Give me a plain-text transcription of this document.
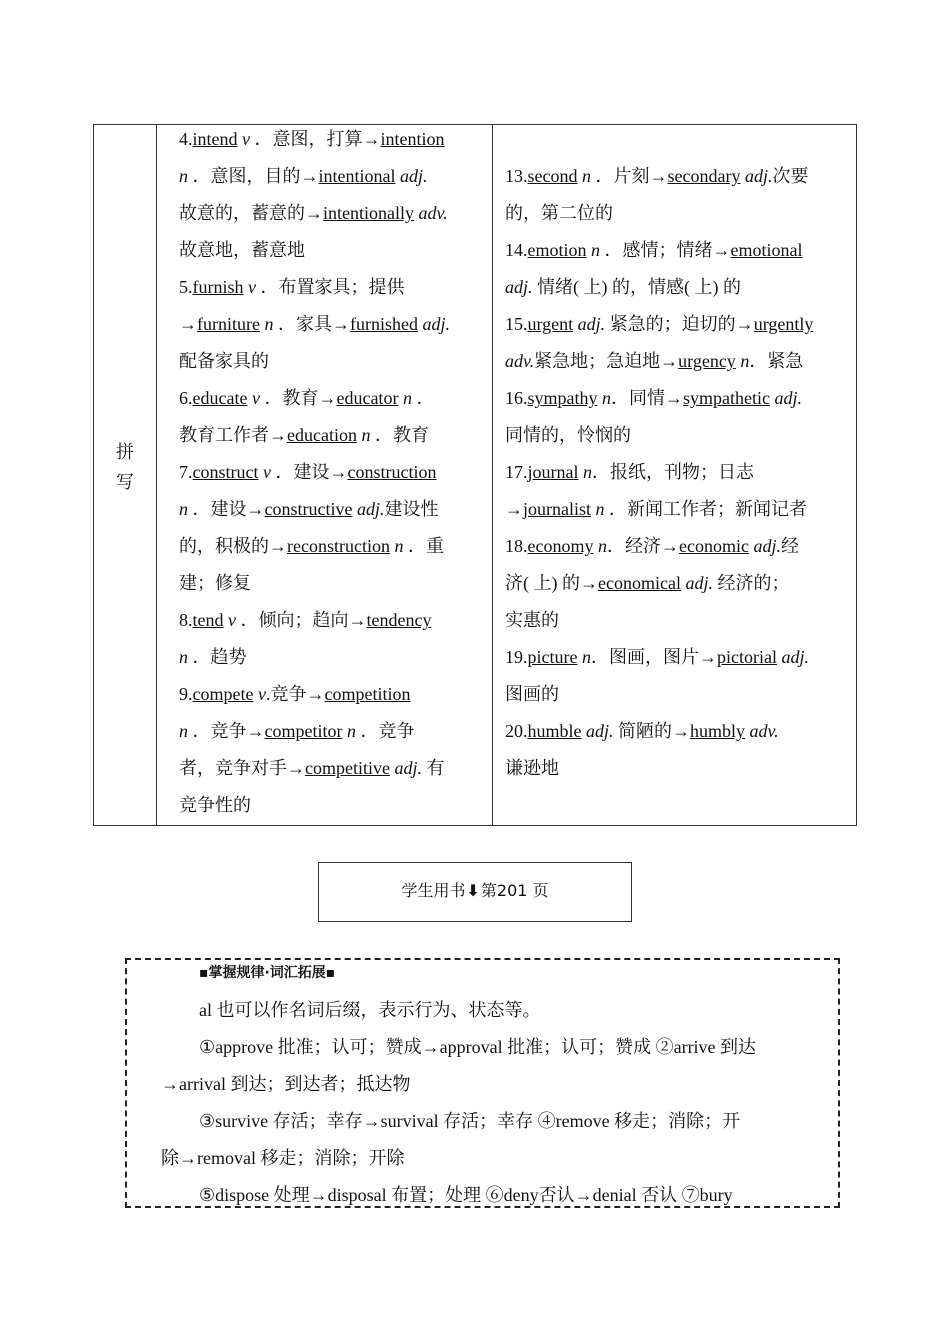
拼
写
4.intend v ．意图，打算→intention
n ．意图，目的→intentional adj.
故意的，蓄意的→intentionally adv.
故意地，蓄意地
5.furnish v ．布置家具；提供
→furniture n ．家具→furnished adj.
配备家具的
6.educate v ．教育→educator n ．
教育工作者→education n ．教育
7.construct v ．建设→construction
n ．建设→constructive adj.建设性
的，积极的→reconstruction n ．重
建；修复
8.tend v ．倾向；趋向→tendency
n ．趋势
9.compete v.竞争→competition
n ．竞争→competitor n ．竞争
者，竞争对手→competitive adj. 有
竞争性的
13.second n ．片刻→secondary adj.次要
的，第二位的
14.emotion n ．感情；情绪→emotional
adj. 情绪( 上) 的，情感( 上) 的
15.urgent adj. 紧急的；迫切的→urgently
adv.紧急地；急迫地→urgency n．紧急
16.sympathy n．同情→sympathetic adj.
同情的，怜悯的
17.journal n．报纸，刊物；日志
→journalist n ．新闻工作者；新闻记者
18.economy n．经济→economic adj.经
济( 上) 的→economical adj. 经济的；
实惠的
19.picture n．图画，图片→pictorial adj.
图画的
20.humble adj. 简陋的→humbly adv.
谦逊地
学生用书⬇第201 页
▪掌握规律·词汇拓展▪
al 也可以作名词后缀，表示行为、状态等。
①approve 批准；认可；赞成→approval 批准；认可；赞成 ②arrive 到达
→arrival 到达；到达者；抵达物
③survive 存活；幸存→survival 存活；幸存 ④remove 移走；消除；开
除→removal 移走；消除；开除
⑤dispose 处理→disposal 布置；处理 ⑥deny否认→denial 否认 ⑦bury
